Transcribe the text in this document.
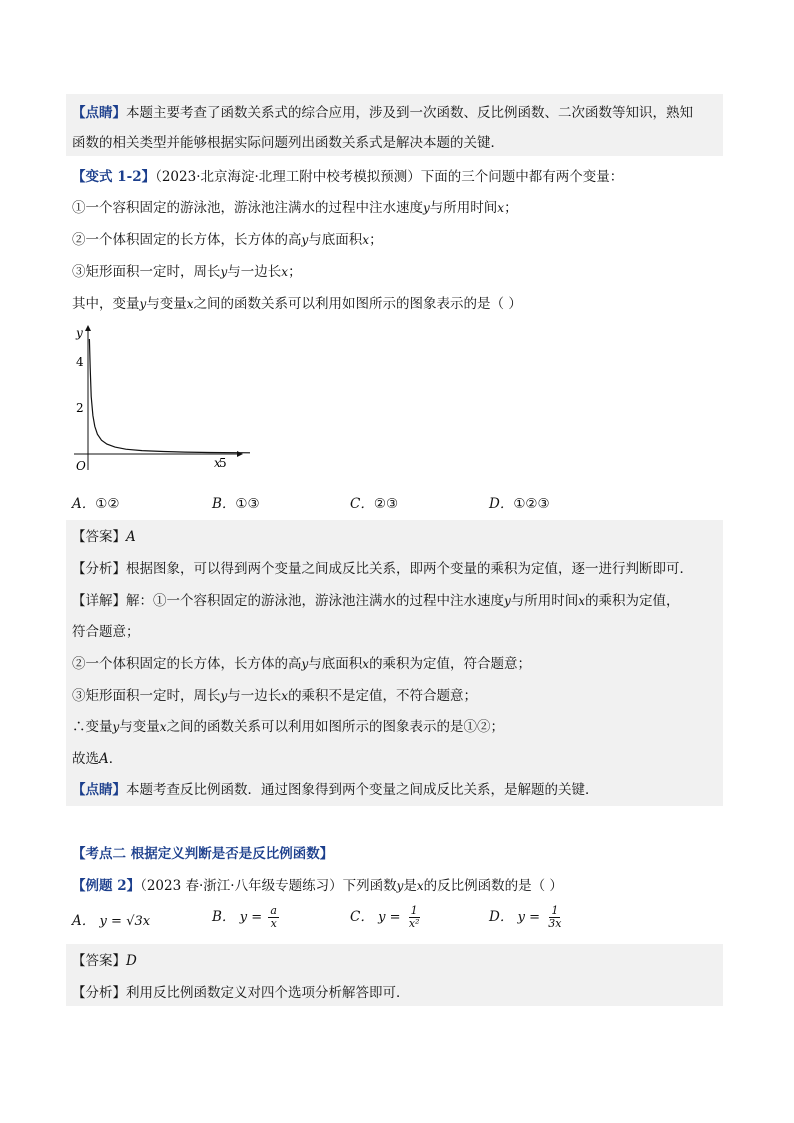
【点睛】本题主要考查了函数关系式的综合应用，涉及到一次函数、反比例函数、二次函数等知识，熟知
函数的相关类型并能够根据实际问题列出函数关系式是解决本题的关键．
【变式 1-2】（2023·北京海淀·北理工附中校考模拟预测）下面的三个问题中都有两个变量：
①一个容积固定的游泳池，游泳池注满水的过程中注水速度y与所用时间x；
②一个体积固定的长方体，长方体的高y与底面积x；
③矩形面积一定时，周长y与一边长x；
其中，变量y与变量x之间的函数关系可以利用如图所示的图象表示的是（ ）
y
x
O
2
4
5
A．①②	B．①③	C．②③	D．①②③
【答案】A
【分析】根据图象，可以得到两个变量之间成反比关系，即两个变量的乘积为定值，逐一进行判断即可．
【详解】解：①一个容积固定的游泳池，游泳池注满水的过程中注水速度y与所用时间x的乘积为定值，
符合题意；
②一个体积固定的长方体，长方体的高y与底面积x的乘积为定值，符合题意；
③矩形面积一定时，周长y与一边长x的乘积不是定值，不符合题意；
∴变量y与变量x之间的函数关系可以利用如图所示的图象表示的是①②；
故选A．
【点睛】本题考查反比例函数．通过图象得到两个变量之间成反比关系，是解题的关键．
【考点二 根据定义判断是否是反比例函数】
【例题 2】（2023 春·浙江·八年级专题练习）下列函数y是x的反比例函数的是（ ）
A． y = √3x	B． $y = \frac{a}{x}$	C． $y = \frac{1}{\text{x²}}$	D． $y = \frac{1}{3x}$
【答案】D
【分析】利用反比例函数定义对四个选项分析解答即可．
